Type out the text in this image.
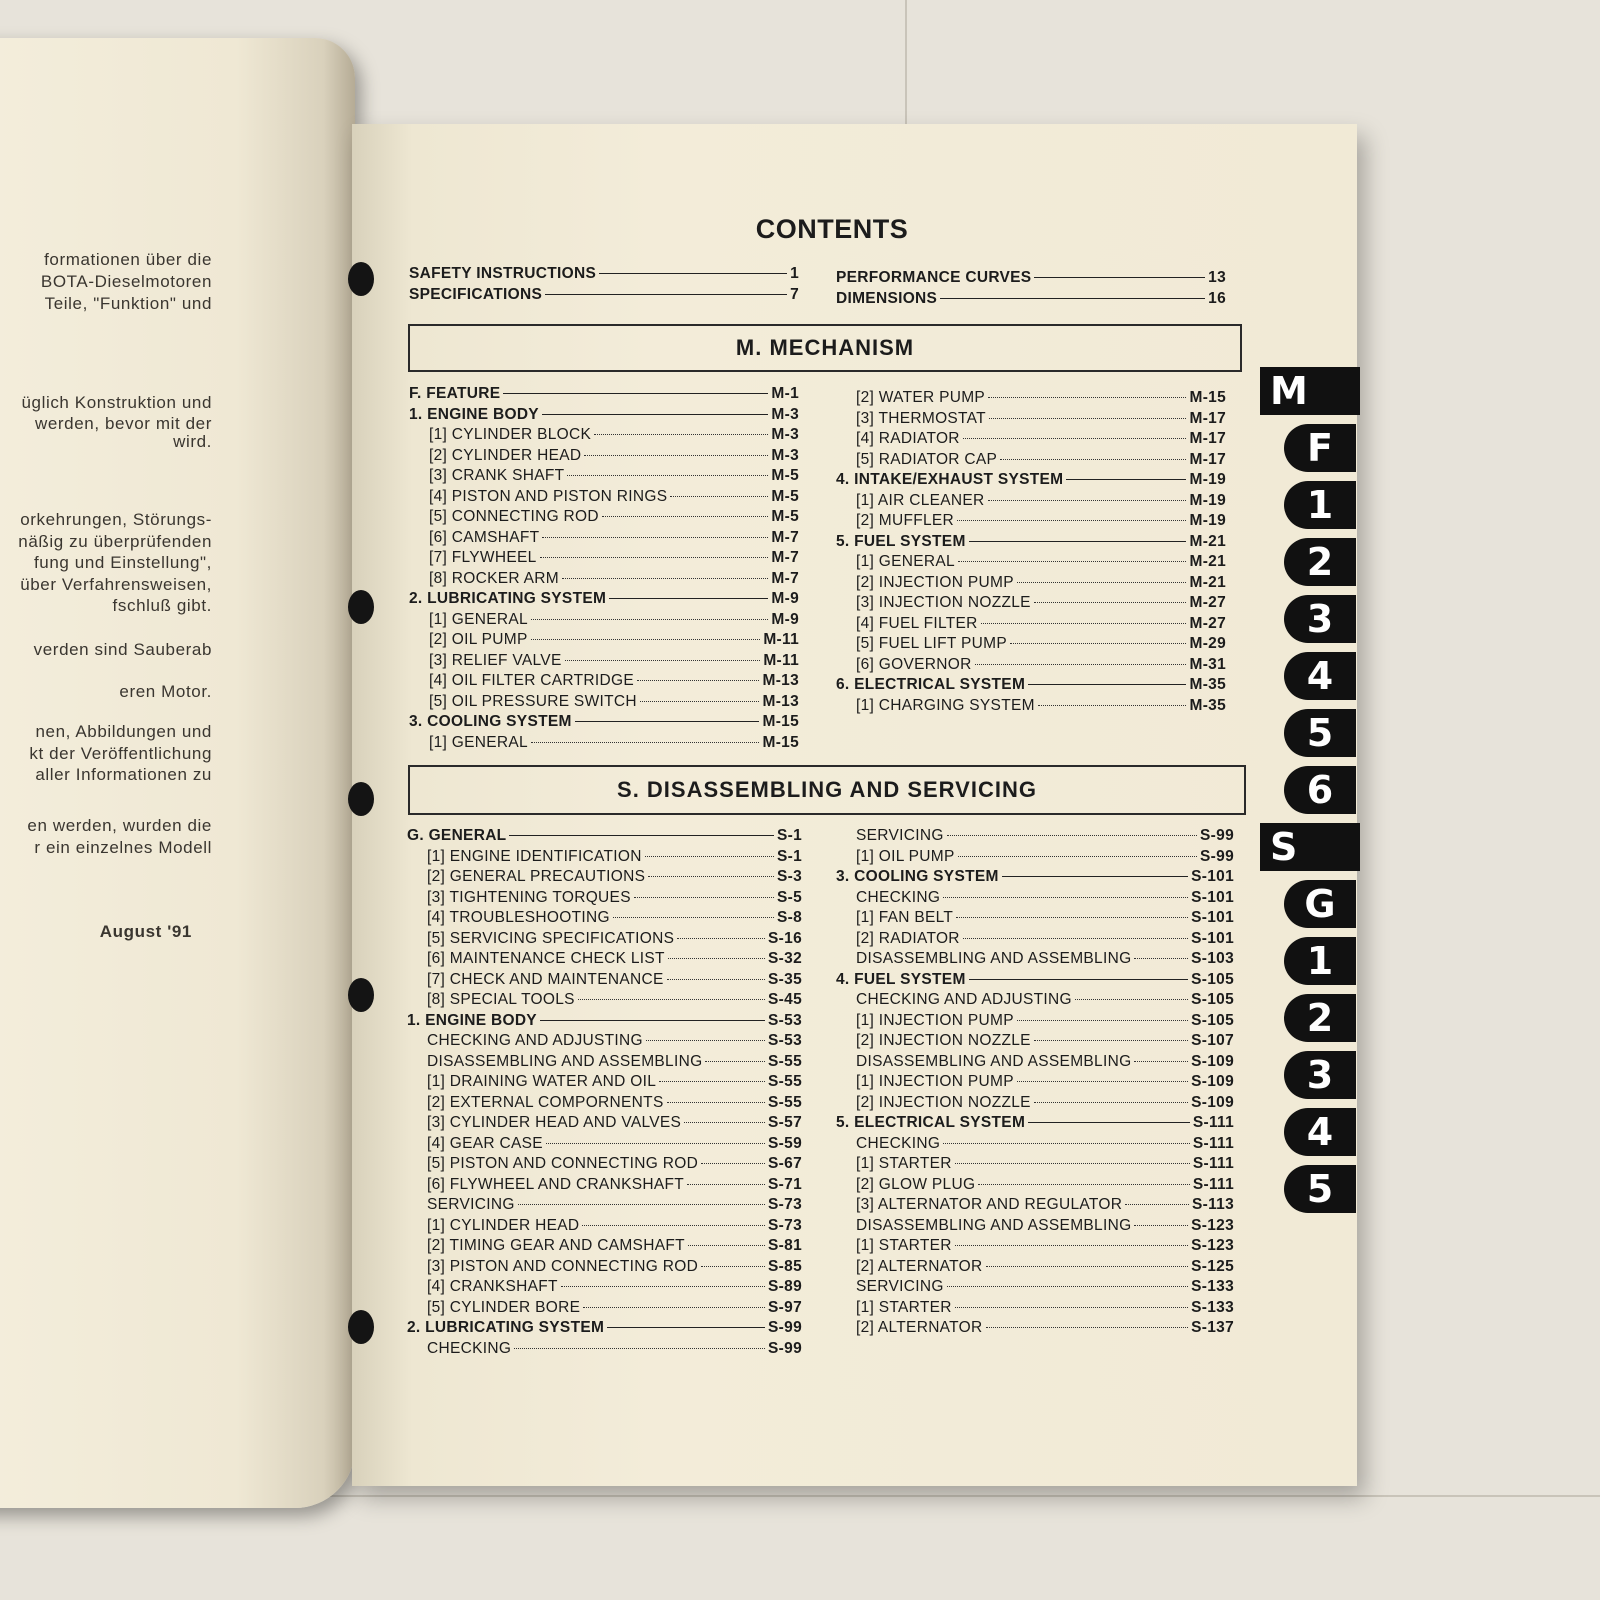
formationen über die
BOTA-Dieselmotoren
Teile, "Funktion" und
üglich Konstruktion und
werden, bevor mit der
wird.
orkehrungen, Störungs-
näßig zu überprüfenden
fung und Einstellung",
über Verfahrensweisen,
fschluß gibt.
verden sind Sauberab
eren Motor.
nen, Abbildungen und
kt der Veröffentlichung
aller Informationen zu
en werden, wurden die
r ein einzelnes Modell
August '91
CONTENTS
SAFETY INSTRUCTIONS	1
SPECIFICATIONS	7
PERFORMANCE CURVES	13
DIMENSIONS	16
M. MECHANISM
F. FEATURE	M-1
1. ENGINE BODY	M-3
[1] CYLINDER BLOCK	M-3
[2] CYLINDER HEAD	M-3
[3] CRANK SHAFT	M-5
[4] PISTON AND PISTON RINGS	M-5
[5] CONNECTING ROD	M-5
[6] CAMSHAFT	M-7
[7] FLYWHEEL	M-7
[8] ROCKER ARM	M-7
2. LUBRICATING SYSTEM	M-9
[1] GENERAL	M-9
[2] OIL PUMP	M-11
[3] RELIEF VALVE	M-11
[4] OIL FILTER CARTRIDGE	M-13
[5] OIL PRESSURE SWITCH	M-13
3. COOLING SYSTEM	M-15
[1] GENERAL	M-15
[2] WATER PUMP	M-15
[3] THERMOSTAT	M-17
[4] RADIATOR	M-17
[5] RADIATOR CAP	M-17
4. INTAKE/EXHAUST SYSTEM	M-19
[1] AIR CLEANER	M-19
[2] MUFFLER	M-19
5. FUEL SYSTEM	M-21
[1] GENERAL	M-21
[2] INJECTION PUMP	M-21
[3] INJECTION NOZZLE	M-27
[4] FUEL FILTER	M-27
[5] FUEL LIFT PUMP	M-29
[6] GOVERNOR	M-31
6. ELECTRICAL SYSTEM	M-35
[1] CHARGING SYSTEM	M-35
S. DISASSEMBLING AND SERVICING
G. GENERAL	S-1
[1] ENGINE IDENTIFICATION	S-1
[2] GENERAL PRECAUTIONS	S-3
[3] TIGHTENING TORQUES	S-5
[4] TROUBLESHOOTING	S-8
[5] SERVICING SPECIFICATIONS	S-16
[6] MAINTENANCE CHECK LIST	S-32
[7] CHECK AND MAINTENANCE	S-35
[8] SPECIAL TOOLS	S-45
1. ENGINE BODY	S-53
CHECKING AND ADJUSTING	S-53
DISASSEMBLING AND ASSEMBLING	S-55
[1] DRAINING WATER AND OIL	S-55
[2] EXTERNAL COMPORNENTS	S-55
[3] CYLINDER HEAD AND VALVES	S-57
[4] GEAR CASE	S-59
[5] PISTON AND CONNECTING ROD	S-67
[6] FLYWHEEL AND CRANKSHAFT	S-71
SERVICING	S-73
[1] CYLINDER HEAD	S-73
[2] TIMING GEAR AND CAMSHAFT	S-81
[3] PISTON AND CONNECTING ROD	S-85
[4] CRANKSHAFT	S-89
[5] CYLINDER BORE	S-97
2. LUBRICATING SYSTEM	S-99
CHECKING	S-99
SERVICING	S-99
[1] OIL PUMP	S-99
3. COOLING SYSTEM	S-101
CHECKING	S-101
[1] FAN BELT	S-101
[2] RADIATOR	S-101
DISASSEMBLING AND ASSEMBLING	S-103
4. FUEL SYSTEM	S-105
CHECKING AND ADJUSTING	S-105
[1] INJECTION PUMP	S-105
[2] INJECTION NOZZLE	S-107
DISASSEMBLING AND ASSEMBLING	S-109
[1] INJECTION PUMP	S-109
[2] INJECTION NOZZLE	S-109
5. ELECTRICAL SYSTEM	S-111
CHECKING	S-111
[1] STARTER	S-111
[2] GLOW PLUG	S-111
[3] ALTERNATOR AND REGULATOR	S-113
DISASSEMBLING AND ASSEMBLING	S-123
[1] STARTER	S-123
[2] ALTERNATOR	S-125
SERVICING	S-133
[1] STARTER	S-133
[2] ALTERNATOR	S-137
M
F
1
2
3
4
5
6
S
G
1
2
3
4
5
